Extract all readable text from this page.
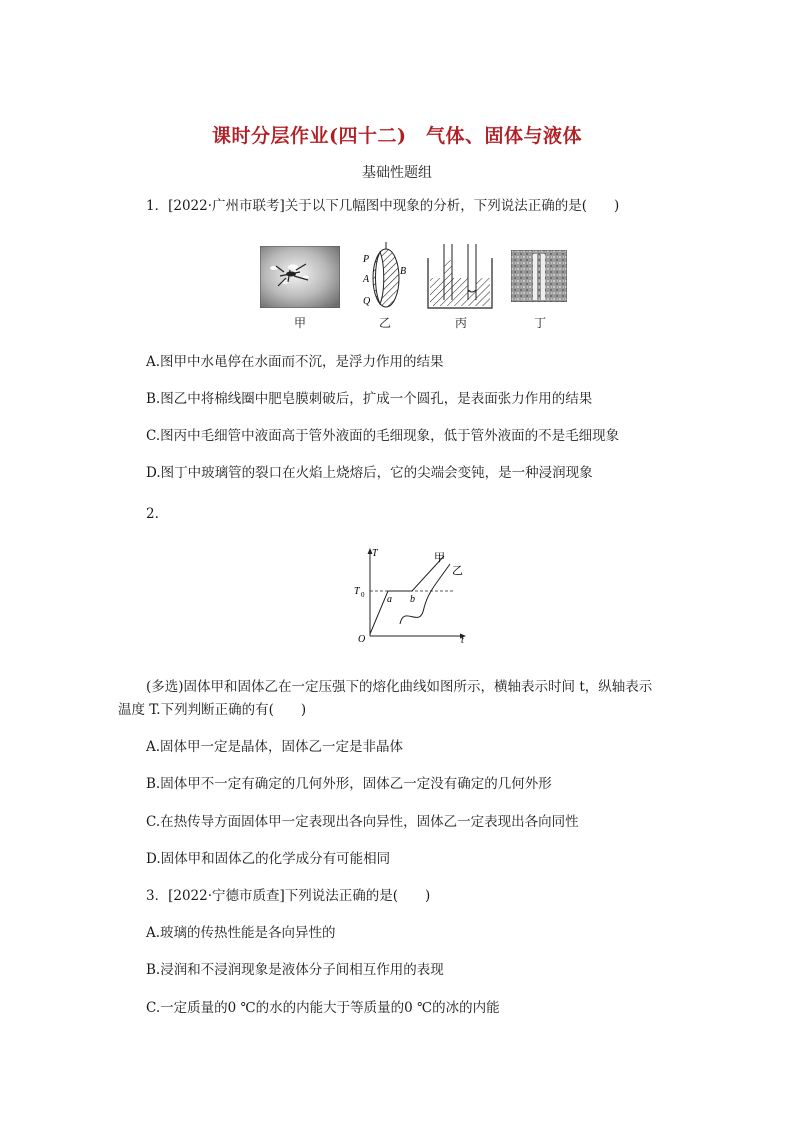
课时分层作业(四十二)　气体、固体与液体
基础性题组
1．[2022·广州市联考]关于以下几幅图中现象的分析，下列说法正确的是(　　)
P
A
B
Q
甲	乙	丙	丁
A.图甲中水黾停在水面而不沉，是浮力作用的结果
B.图乙中将棉线圈中肥皂膜刺破后，扩成一个圆孔，是表面张力作用的结果
C.图丙中毛细管中液面高于管外液面的毛细现象，低于管外液面的不是毛细现象
D.图丁中玻璃管的裂口在火焰上烧熔后，它的尖端会变钝，是一种浸润现象
2.
T
t
O
T 0 a b
甲
乙
(多选)固体甲和固体乙在一定压强下的熔化曲线如图所示，横轴表示时间 t，纵轴表示
温度 T.下列判断正确的有(　　)
A.固体甲一定是晶体，固体乙一定是非晶体
B.固体甲不一定有确定的几何外形，固体乙一定没有确定的几何外形
C.在热传导方面固体甲一定表现出各向异性，固体乙一定表现出各向同性
D.固体甲和固体乙的化学成分有可能相同
3．[2022·宁德市质查]下列说法正确的是(　　)
A.玻璃的传热性能是各向异性的
B.浸润和不浸润现象是液体分子间相互作用的表现
C.一定质量的0 ℃的水的内能大于等质量的0 ℃的冰的内能
